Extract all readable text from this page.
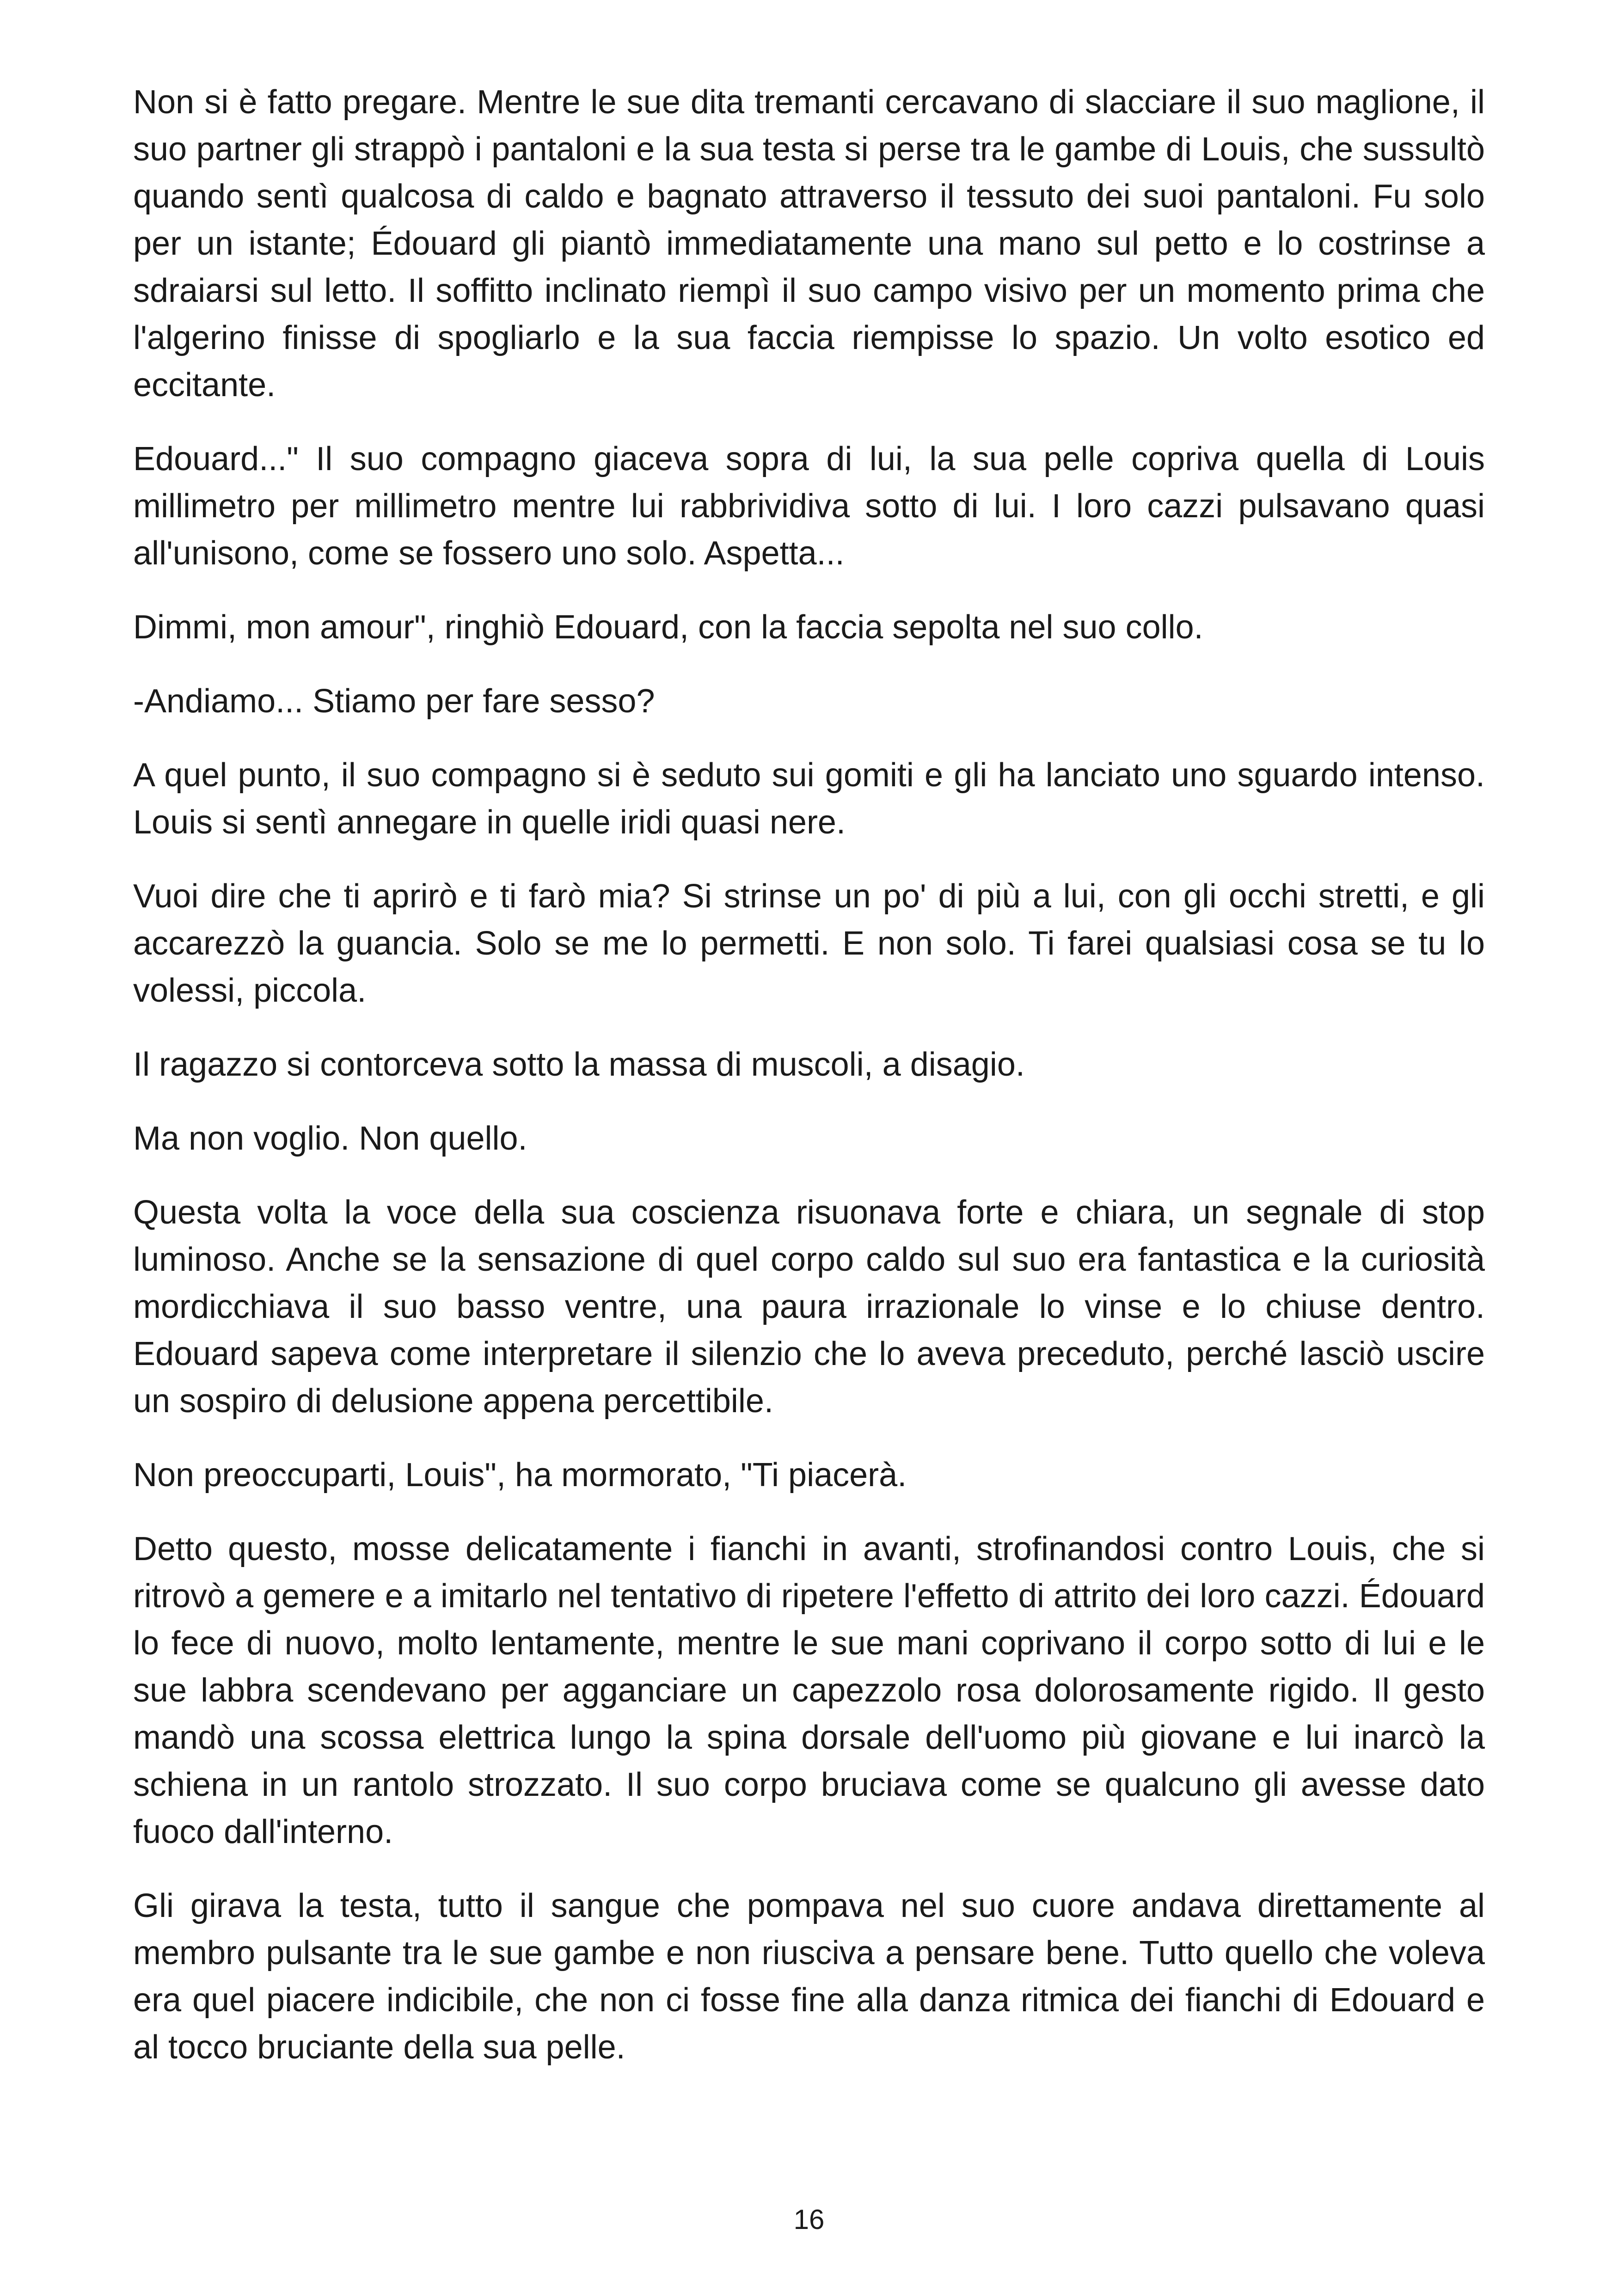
Non si è fatto pregare. Mentre le sue dita tremanti cercavano di slacciare il suo maglione, il suo partner gli strappò i pantaloni e la sua testa si perse tra le gambe di Louis, che sussultò quando sentì qualcosa di caldo e bagnato attraverso il tessuto dei suoi pantaloni. Fu solo per un istante; Édouard gli piantò immediatamente una mano sul petto e lo costrinse a sdraiarsi sul letto. Il soffitto inclinato riempì il suo campo visivo per un momento prima che l'algerino finisse di spogliarlo e la sua faccia riempisse lo spazio. Un volto esotico ed eccitante.

Edouard..." Il suo compagno giaceva sopra di lui, la sua pelle copriva quella di Louis millimetro per millimetro mentre lui rabbrividiva sotto di lui. I loro cazzi pulsavano quasi all'unisono, come se fossero uno solo. Aspetta...

Dimmi, mon amour", ringhiò Edouard, con la faccia sepolta nel suo collo.

-Andiamo... Stiamo per fare sesso?

A quel punto, il suo compagno si è seduto sui gomiti e gli ha lanciato uno sguardo intenso. Louis si sentì annegare in quelle iridi quasi nere.

Vuoi dire che ti aprirò e ti farò mia? Si strinse un po' di più a lui, con gli occhi stretti, e gli accarezzò la guancia. Solo se me lo permetti. E non solo. Ti farei qualsiasi cosa se tu lo volessi, piccola.

Il ragazzo si contorceva sotto la massa di muscoli, a disagio.

Ma non voglio. Non quello.

Questa volta la voce della sua coscienza risuonava forte e chiara, un segnale di stop luminoso. Anche se la sensazione di quel corpo caldo sul suo era fantastica e la curiosità mordicchiava il suo basso ventre, una paura irrazionale lo vinse e lo chiuse dentro. Edouard sapeva come interpretare il silenzio che lo aveva preceduto, perché lasciò uscire un sospiro di delusione appena percettibile.

Non preoccuparti, Louis", ha mormorato, "Ti piacerà.

Detto questo, mosse delicatamente i fianchi in avanti, strofinandosi contro Louis, che si ritrovò a gemere e a imitarlo nel tentativo di ripetere l'effetto di attrito dei loro cazzi. Édouard lo fece di nuovo, molto lentamente, mentre le sue mani coprivano il corpo sotto di lui e le sue labbra scendevano per agganciare un capezzolo rosa dolorosamente rigido. Il gesto mandò una scossa elettrica lungo la spina dorsale dell'uomo più giovane e lui inarcò la schiena in un rantolo strozzato. Il suo corpo bruciava come se qualcuno gli avesse dato fuoco dall'interno.

Gli girava la testa, tutto il sangue che pompava nel suo cuore andava direttamente al membro pulsante tra le sue gambe e non riusciva a pensare bene. Tutto quello che voleva era quel piacere indicibile, che non ci fosse fine alla danza ritmica dei fianchi di Edouard e al tocco bruciante della sua pelle.

16
